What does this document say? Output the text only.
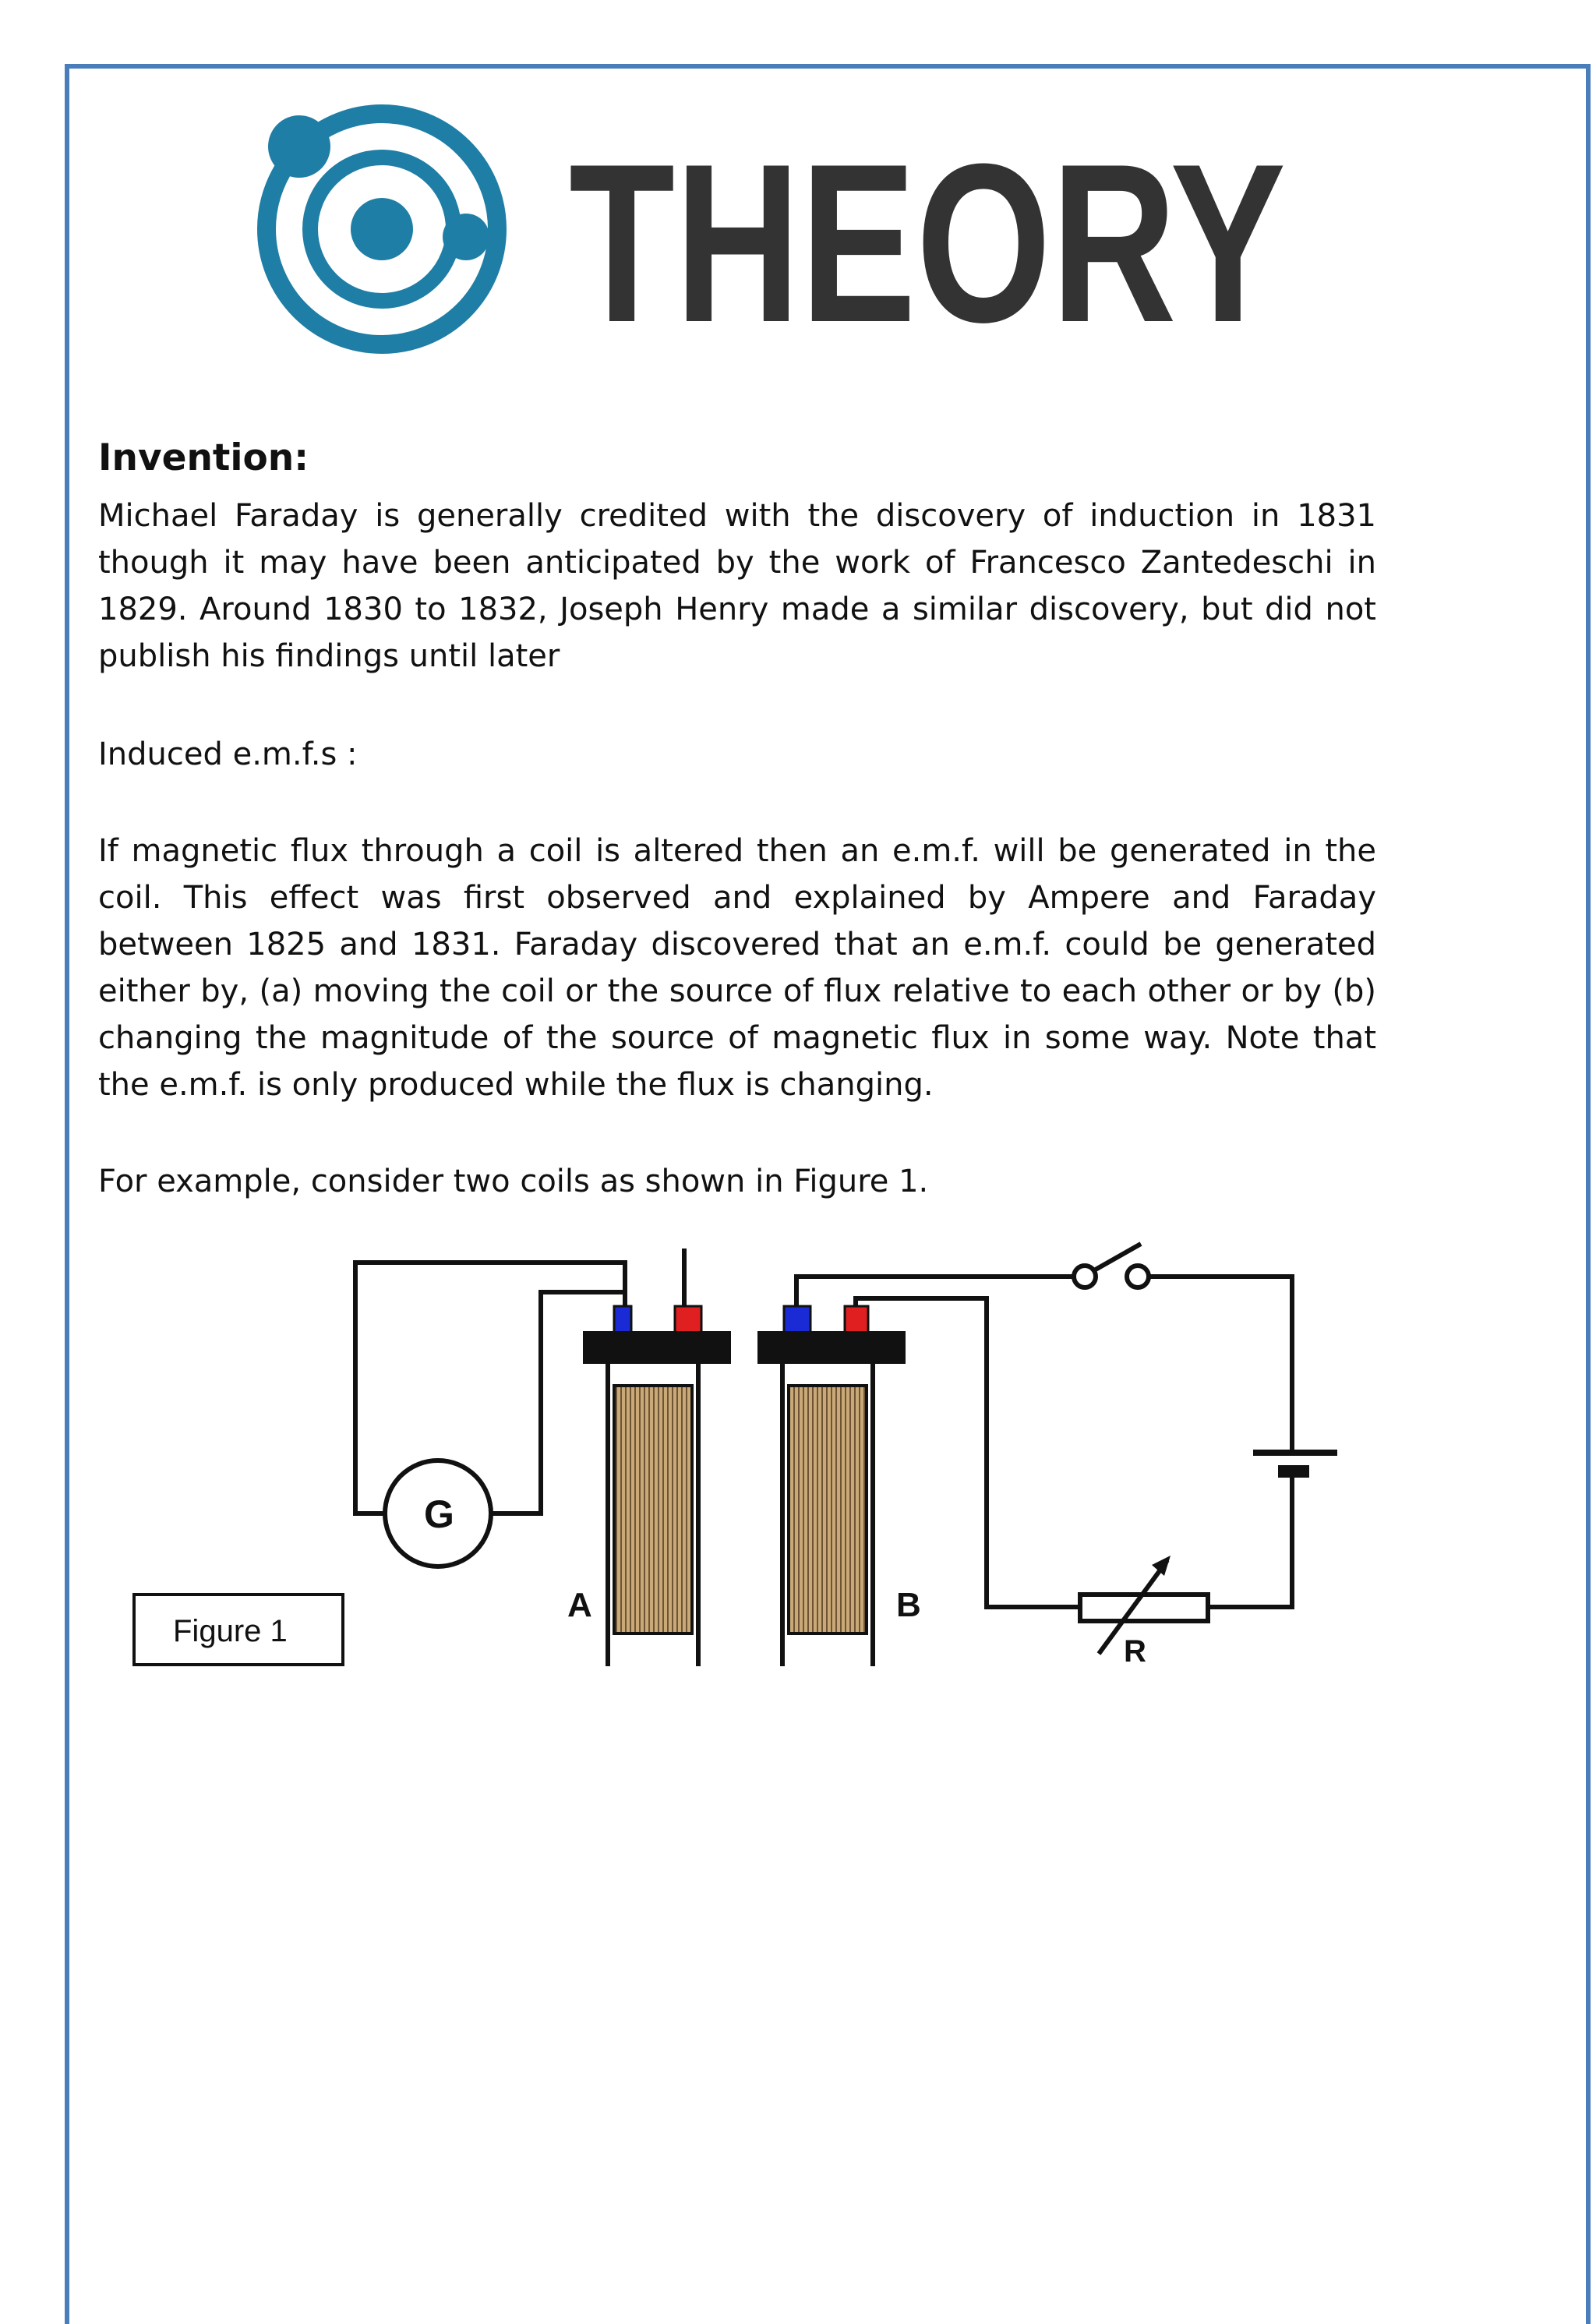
THEORY
Invention:

Michael Faraday is generally credited with the discovery of induction in 1831 though it may have been anticipated by the work of Francesco Zantedeschi in 1829. Around 1830 to 1832, Joseph Henry made a similar discovery, but did not publish his findings until later

Induced e.m.f.s :

If magnetic flux through a coil is altered then an e.m.f. will be generated in the coil. This effect was first observed and explained by Ampere and Faraday between 1825 and 1831. Faraday discovered that an e.m.f. could be generated either by, (a) moving the coil or the source of flux relative to each other or by (b) changing the magnitude of the source of magnetic flux in some way. Note that the e.m.f. is only produced while the flux is changing.

For example, consider two coils as shown in Figure 1.

R
G
A	B
Figure 1
